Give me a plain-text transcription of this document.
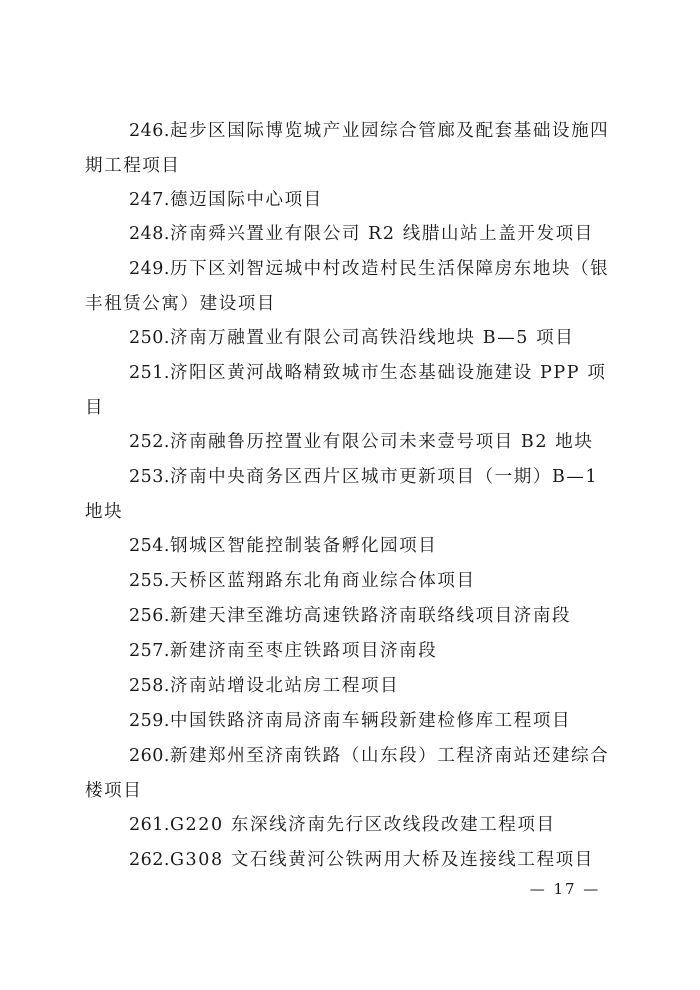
246.起步区国际博览城产业园综合管廊及配套基础设施四期工程项目

247.德迈国际中心项目

248.济南舜兴置业有限公司 R2 线腊山站上盖开发项目

249.历下区刘智远城中村改造村民生活保障房东地块（银丰租赁公寓）建设项目

250.济南万融置业有限公司高铁沿线地块 B—5 项目

251.济阳区黄河战略精致城市生态基础设施建设 PPP 项目

252.济南融鲁历控置业有限公司未来壹号项目 B2 地块

253.济南中央商务区西片区城市更新项目（一期）B—1 地块

254.钢城区智能控制装备孵化园项目

255.天桥区蓝翔路东北角商业综合体项目

256.新建天津至潍坊高速铁路济南联络线项目济南段

257.新建济南至枣庄铁路项目济南段

258.济南站增设北站房工程项目

259.中国铁路济南局济南车辆段新建检修库工程项目

260.新建郑州至济南铁路（山东段）工程济南站还建综合楼项目

261.G220 东深线济南先行区改线段改建工程项目

262.G308 文石线黄河公铁两用大桥及连接线工程项目

— 17 —
